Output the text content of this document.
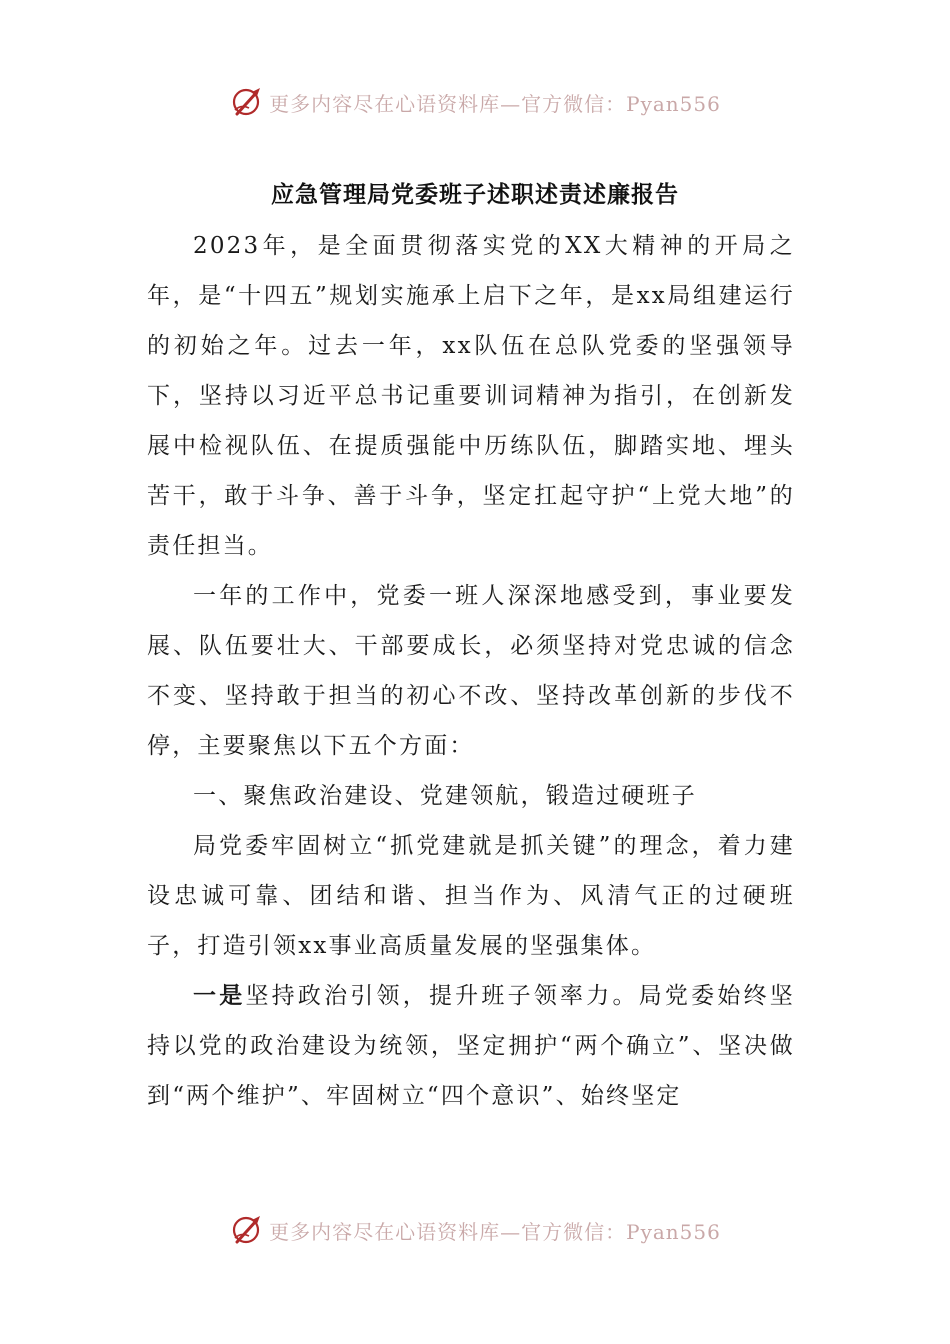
更多内容尽在心语资料库—官方微信：Pyan556
应急管理局党委班子述职述责述廉报告

2023年，是全面贯彻落实党的XX大精神的开局之年，是“十四五”规划实施承上启下之年，是xx局组建运行的初始之年。过去一年，xx队伍在总队党委的坚强领导下，坚持以习近平总书记重要训词精神为指引，在创新发展中检视队伍、在提质强能中历练队伍，脚踏实地、埋头苦干，敢于斗争、善于斗争，坚定扛起守护“上党大地”的责任担当。

一年的工作中，党委一班人深深地感受到，事业要发展、队伍要壮大、干部要成长，必须坚持对党忠诚的信念不变、坚持敢于担当的初心不改、坚持改革创新的步伐不停，主要聚焦以下五个方面：

一、聚焦政治建设、党建领航，锻造过硬班子

局党委牢固树立“抓党建就是抓关键”的理念，着力建设忠诚可靠、团结和谐、担当作为、风清气正的过硬班子，打造引领xx事业高质量发展的坚强集体。

一是坚持政治引领，提升班子领率力。局党委始终坚持以党的政治建设为统领，坚定拥护“两个确立”、坚决做到“两个维护”、牢固树立“四个意识”、始终坚定

更多内容尽在心语资料库—官方微信：Pyan556
